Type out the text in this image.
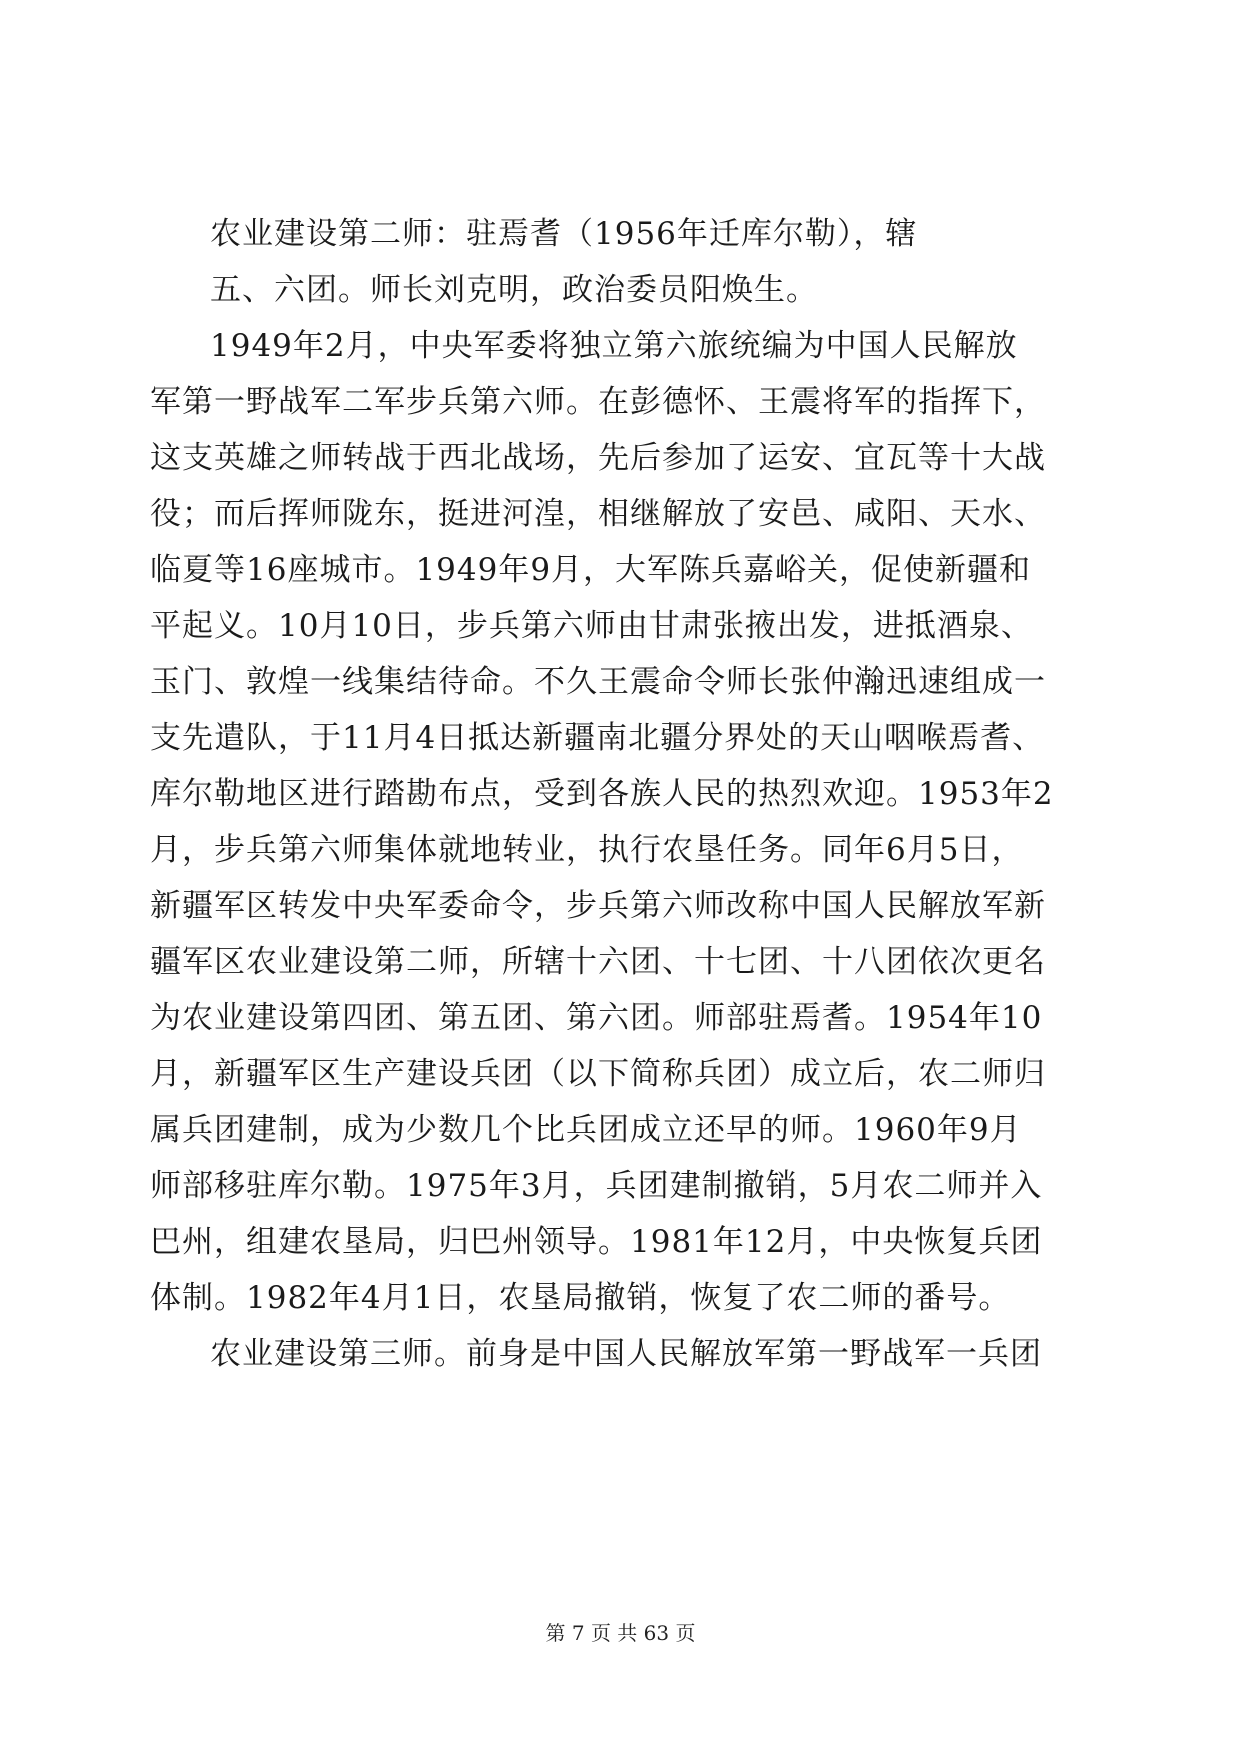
农业建设第二师：驻焉耆（1956年迁库尔勒），辖
五、六团。师长刘克明，政治委员阳焕生。
1949年2月，中央军委将独立第六旅统编为中国人民解放
军第一野战军二军步兵第六师。在彭德怀、王震将军的指挥下，
这支英雄之师转战于西北战场，先后参加了运安、宜瓦等十大战
役；而后挥师陇东，挺进河湟，相继解放了安邑、咸阳、天水、
临夏等16座城市。1949年9月，大军陈兵嘉峪关，促使新疆和
平起义。10月10日，步兵第六师由甘肃张掖出发，进抵酒泉、
玉门、敦煌一线集结待命。不久王震命令师长张仲瀚迅速组成一
支先遣队，于11月4日抵达新疆南北疆分界处的天山咽喉焉耆、
库尔勒地区进行踏勘布点，受到各族人民的热烈欢迎。1953年2
月，步兵第六师集体就地转业，执行农垦任务。同年6月5日，
新疆军区转发中央军委命令，步兵第六师改称中国人民解放军新
疆军区农业建设第二师，所辖十六团、十七团、十八团依次更名
为农业建设第四团、第五团、第六团。师部驻焉耆。1954年10
月，新疆军区生产建设兵团（以下简称兵团）成立后，农二师归
属兵团建制，成为少数几个比兵团成立还早的师。1960年9月
师部移驻库尔勒。1975年3月，兵团建制撤销，5月农二师并入
巴州，组建农垦局，归巴州领导。1981年12月，中央恢复兵团
体制。1982年4月1日，农垦局撤销，恢复了农二师的番号。
农业建设第三师。前身是中国人民解放军第一野战军一兵团
第 7 页 共 63 页
